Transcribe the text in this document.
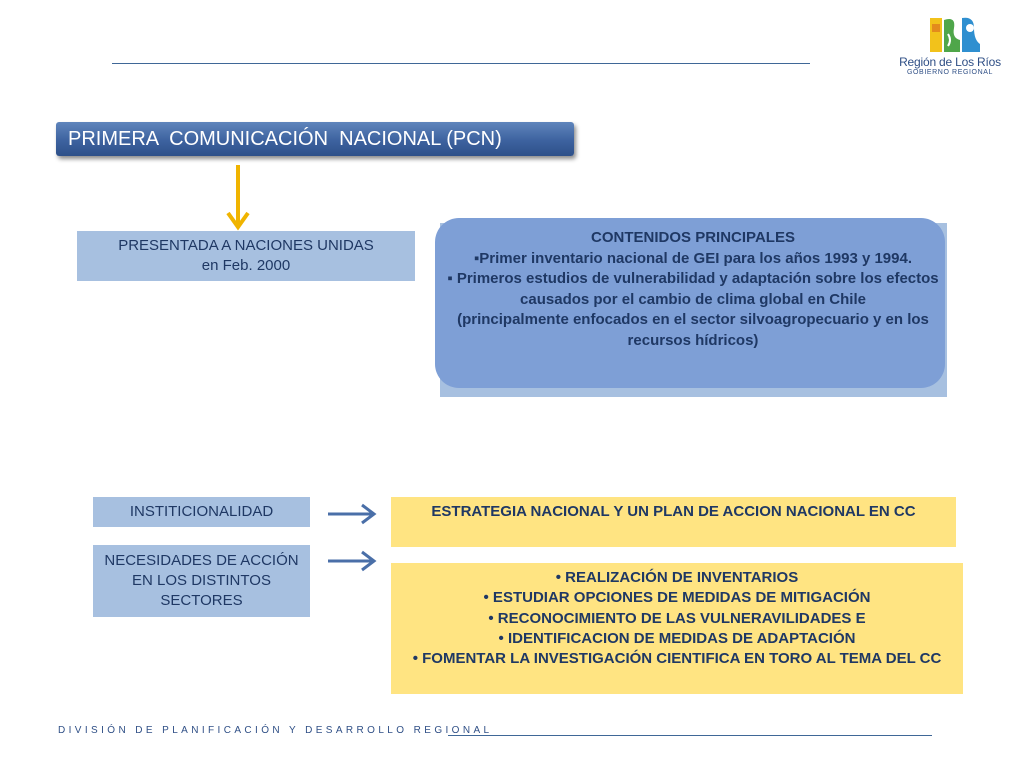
Región de Los Ríos
GOBIERNO REGIONAL
PRIMERA  COMUNICACIÓN  NACIONAL (PCN)
PRESENTADA A NACIONES UNIDAS
en Feb. 2000
CONTENIDOS PRINCIPALES
▪Primer inventario nacional de GEI para los años 1993 y 1994.
▪ Primeros estudios de vulnerabilidad y adaptación sobre los efectos causados por el cambio de clima global en Chile
(principalmente enfocados en el sector silvoagropecuario y en los recursos hídricos)
INSTITICIONALIDAD
NECESIDADES DE ACCIÓN EN LOS DISTINTOS SECTORES
ESTRATEGIA NACIONAL Y UN PLAN DE ACCION NACIONAL EN CC
• REALIZACIÓN DE INVENTARIOS
• ESTUDIAR OPCIONES DE MEDIDAS DE MITIGACIÓN
• RECONOCIMIENTO DE LAS VULNERAVILIDADES E
• IDENTIFICACION DE MEDIDAS DE ADAPTACIÓN
• FOMENTAR LA INVESTIGACIÓN CIENTIFICA EN TORO AL TEMA DEL CC
DIVISIÓN DE PLANIFICACIÓN Y DESARROLLO REGIONAL
